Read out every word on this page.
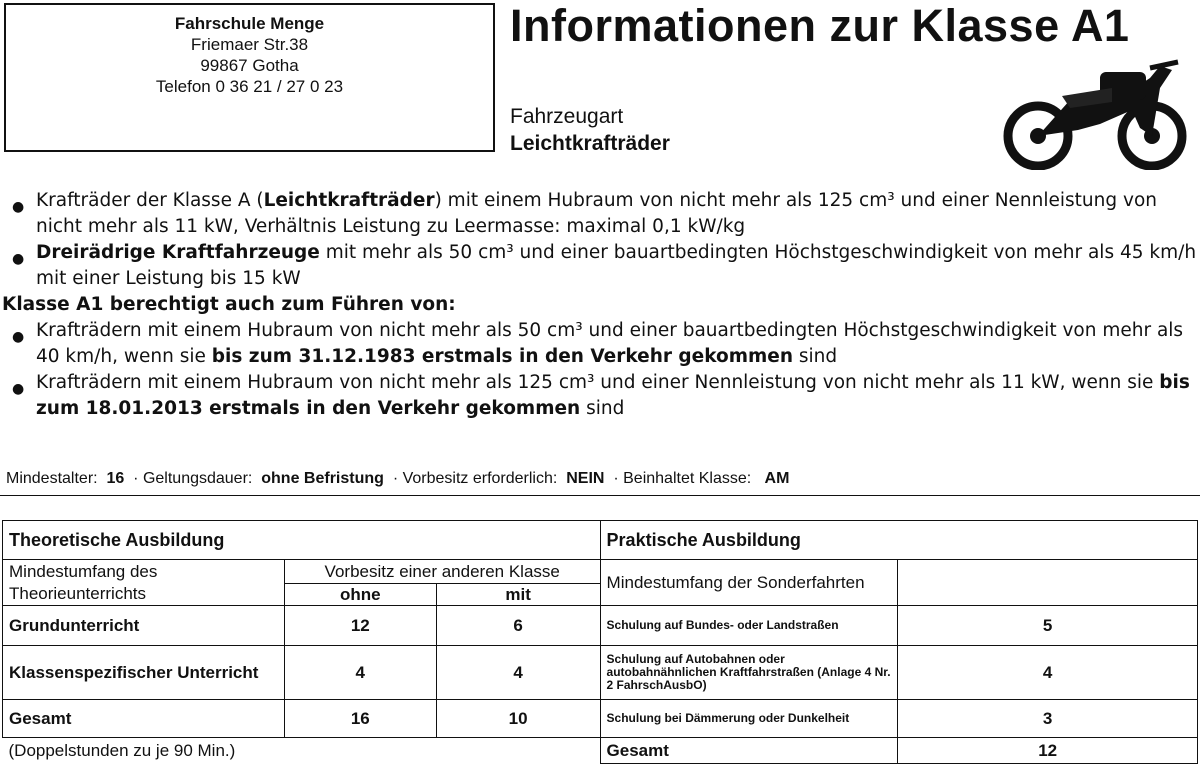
Fahrschule Menge
Friemaer Str.38
99867 Gotha
Telefon 0 36 21 / 27 0 23
Informationen zur Klasse A1
Fahrzeugart
Leichtkrafträder
● Krafträder der Klasse A (Leichtkrafträder) mit einem Hubraum von nicht mehr als 125 cm³ und einer Nennleistung von nicht mehr als 11 kW, Verhältnis Leistung zu Leermasse: maximal 0,1 kW/kg
● Dreirädrige Kraftfahrzeuge mit mehr als 50 cm³ und einer bauartbedingten Höchstgeschwindigkeit von mehr als 45 km/h mit einer Leistung bis 15 kW
Klasse A1 berechtigt auch zum Führen von:
● Krafträdern mit einem Hubraum von nicht mehr als 50 cm³ und einer bauartbedingten Höchstgeschwindigkeit von mehr als 40 km/h, wenn sie bis zum 31.12.1983 erstmals in den Verkehr gekommen sind
● Krafträdern mit einem Hubraum von nicht mehr als 125 cm³ und einer Nennleistung von nicht mehr als 11 kW, wenn sie bis zum 18.01.2013 erstmals in den Verkehr gekommen sind
Mindestalter: 16 · Geltungsdauer: ohne Befristung · Vorbesitz erforderlich: NEIN · Beinhaltet Klasse: AM
Theoretische Ausbildung			Praktische Ausbildung	
Mindestumfang des Theorieunterrichts	Vorbesitz einer anderen Klasse		Mindestumfang der Sonderfahrten	
	ohne	mit		
Grundunterricht	12	6	Schulung auf Bundes- oder Landstraßen	5
Klassenspezifischer Unterricht	4	4	Schulung auf Autobahnen oder autobahnähnlichen Kraftfahrstraßen (Anlage 4 Nr. 2 FahrschAusbO)	4
Gesamt	16	10	Schulung bei Dämmerung oder Dunkelheit	3
(Doppelstunden zu je 90 Min.)			Gesamt	12
